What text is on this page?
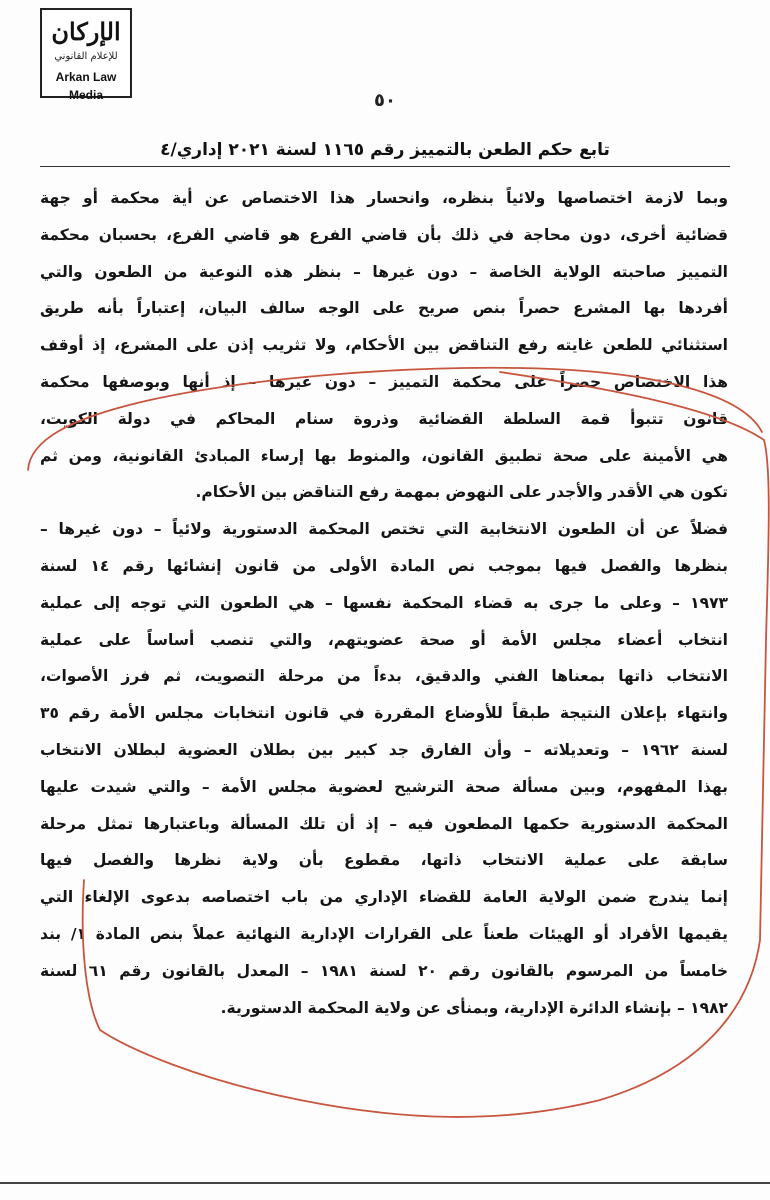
الإركان
للإعلام القانوني
Arkan Law Media	٥٠
تابع حكم الطعن بالتمييز رقم ١١٦٥ لسنة ٢٠٢١ إداري/٤
وبما لازمة اختصاصها ولائياً بنظره، وانحسار هذا الاختصاص عن أية محكمة أو جهة
قضائية أخرى، دون محاجة في ذلك بأن قاضي الفرع هو قاضي الفرع، بحسبان محكمة
التمييز صاحبته الولاية الخاصة – دون غيرها – بنظر هذه النوعية من الطعون والتي
أفردها بها المشرع حصراً بنص صريح على الوجه سالف البيان، إعتباراً بأنه طريق
استثنائي للطعن غايته رفع التناقض بين الأحكام، ولا تثريب إذن على المشرع، إذ أوقف
هذا الاختصاص حصراً على محكمة التمييز – دون غيرها – إذ أنها وبوصفها محكمة
قانون تتبوأ قمة السلطة القضائية وذروة سنام المحاكم في دولة الكويت،
هي الأمينة على صحة تطبيق القانون، والمنوط بها إرساء المبادئ القانونية، ومن ثم
تكون هي الأقدر والأجدر على النهوض بمهمة رفع التناقض بين الأحكام.
فضلاً عن أن الطعون الانتخابية التي تختص المحكمة الدستورية ولائياً – دون غيرها –
بنظرها والفصل فيها بموجب نص المادة الأولى من قانون إنشائها رقم ١٤ لسنة
١٩٧٣ – وعلى ما جرى به قضاء المحكمة نفسها – هي الطعون التي توجه إلى عملية
انتخاب أعضاء مجلس الأمة أو صحة عضويتهم، والتي تنصب أساساً على عملية
الانتخاب ذاتها بمعناها الفني والدقيق، بدءاً من مرحلة التصويت، ثم فرز الأصوات،
وانتهاء بإعلان النتيجة طبقاً للأوضاع المقررة في قانون انتخابات مجلس الأمة رقم ٣٥
لسنة ١٩٦٢ – وتعديلاته – وأن الفارق جد كبير بين بطلان العضوية لبطلان الانتخاب
بهذا المفهوم، وبين مسألة صحة الترشيح لعضوية مجلس الأمة – والتي شيدت عليها
المحكمة الدستورية حكمها المطعون فيه – إذ أن تلك المسألة وباعتبارها تمثل مرحلة
سابقة على عملية الانتخاب ذاتها، مقطوع بأن ولاية نظرها والفصل فيها
إنما يندرج ضمن الولاية العامة للقضاء الإداري من باب اختصاصه بدعوى الإلغاء التي
يقيمها الأفراد أو الهيئات طعناً على القرارات الإدارية النهائية عملاً بنص المادة ١/ بند
خامساً من المرسوم بالقانون رقم ٢٠ لسنة ١٩٨١ – المعدل بالقانون رقم ٦١ لسنة
١٩٨٢ – بإنشاء الدائرة الإدارية، وبمنأى عن ولاية المحكمة الدستورية.
